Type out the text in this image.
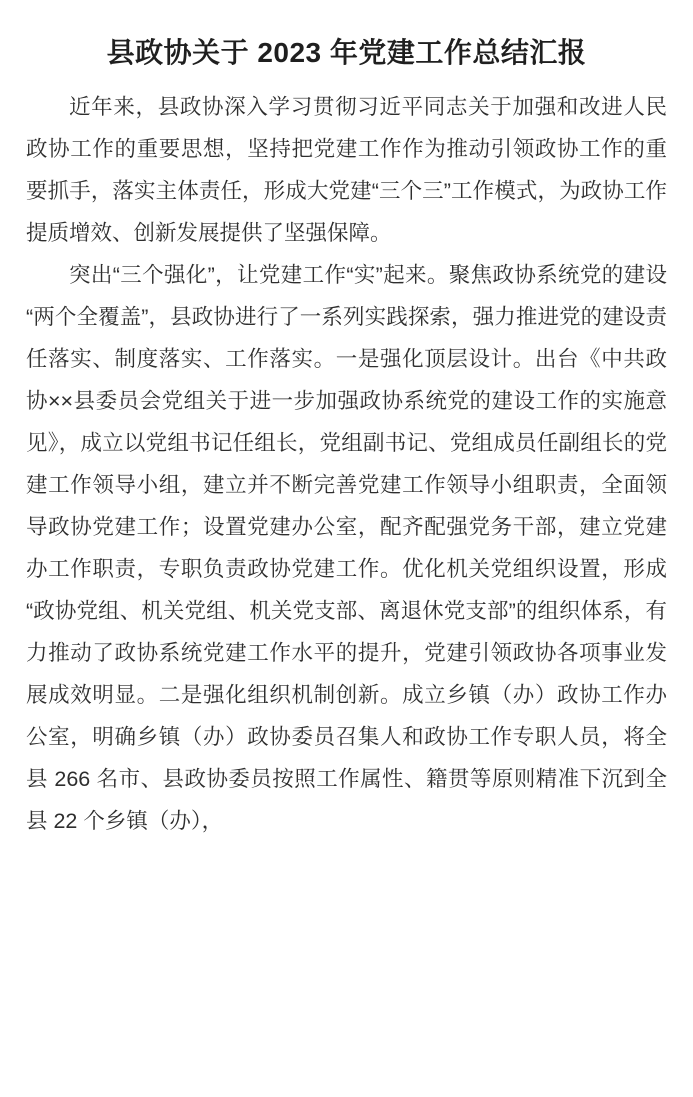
县政协关于 2023 年党建工作总结汇报

近年来，县政协深入学习贯彻习近平同志关于加强和改进人民政协工作的重要思想，坚持把党建工作作为推动引领政协工作的重要抓手，落实主体责任，形成大党建“三个三”工作模式，为政协工作提质增效、创新发展提供了坚强保障。

突出“三个强化”，让党建工作“实”起来。聚焦政协系统党的建设“两个全覆盖”，县政协进行了一系列实践探索，强力推进党的建设责任落实、制度落实、工作落实。一是强化顶层设计。出台《中共政协××县委员会党组关于进一步加强政协系统党的建设工作的实施意见》，成立以党组书记任组长，党组副书记、党组成员任副组长的党建工作领导小组，建立并不断完善党建工作领导小组职责，全面领导政协党建工作；设置党建办公室，配齐配强党务干部，建立党建办工作职责，专职负责政协党建工作。优化机关党组织设置，形成“政协党组、机关党组、机关党支部、离退休党支部”的组织体系，有力推动了政协系统党建工作水平的提升，党建引领政协各项事业发展成效明显。二是强化组织机制创新。成立乡镇（办）政协工作办公室，明确乡镇（办）政协委员召集人和政协工作专职人员，将全县 266 名市、县政协委员按照工作属性、籍贯等原则精准下沉到全县 22 个乡镇（办），
